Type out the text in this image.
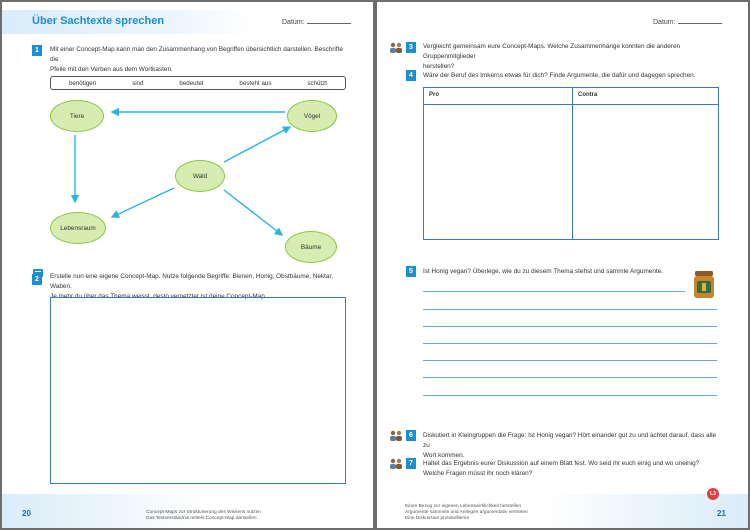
Über Sachtexte sprechen	Datum:
1	Mit einer Concept-Map kann man den Zusammenhang von Begriffen übersichtlich darstellen. Beschrifte die
Pfeile mit den Verben aus dem Wortkasten.
benötigen	sind	bedeutet	besteht aus	schützt
Tiere	Vögel
Wald
Lebensraum
Bäume
2	Erstelle nun eine eigene Concept-Map. Nutze folgende Begriffe: Bienen, Honig, Obstbäume, Nektar, Waben.
Je mehr du über das Thema weisst, desto vernetzter ist deine Concept-Map.
20	Concept-Maps zur Strukturierung des Wissens nutzen
Das Textverständnis mittels Concept-Map darstellen
Datum:
3	Vergleicht gemeinsam eure Concept-Maps. Welche Zusammenhänge konnten die anderen Gruppenmitglieder
herstellen?
4	Wäre der Beruf des Imkerns etwas für dich? Finde Argumente, die dafür und dagegen sprechen.
Pro	Contra
5	Ist Honig vegan? Überlege, wie du zu diesem Thema stehst und sammle Argumente.
6	Diskutiert in Kleingruppen die Frage: Ist Honig vegan? Hört einander gut zu und achtet darauf, dass alle zu
Wort kommen.
7	Haltet das Ergebnis eurer Diskussion auf einem Blatt fest. Wo seid ihr euch einig und wo uneinig?
Welche Fragen müsst ihr noch klären?
Einen Bezug zur eigenen Lebenswirklichkeit herstellen
Argumente sammeln und Anliegen argumentativ vertreten
Eine Diskussion protokollieren
21
L3
